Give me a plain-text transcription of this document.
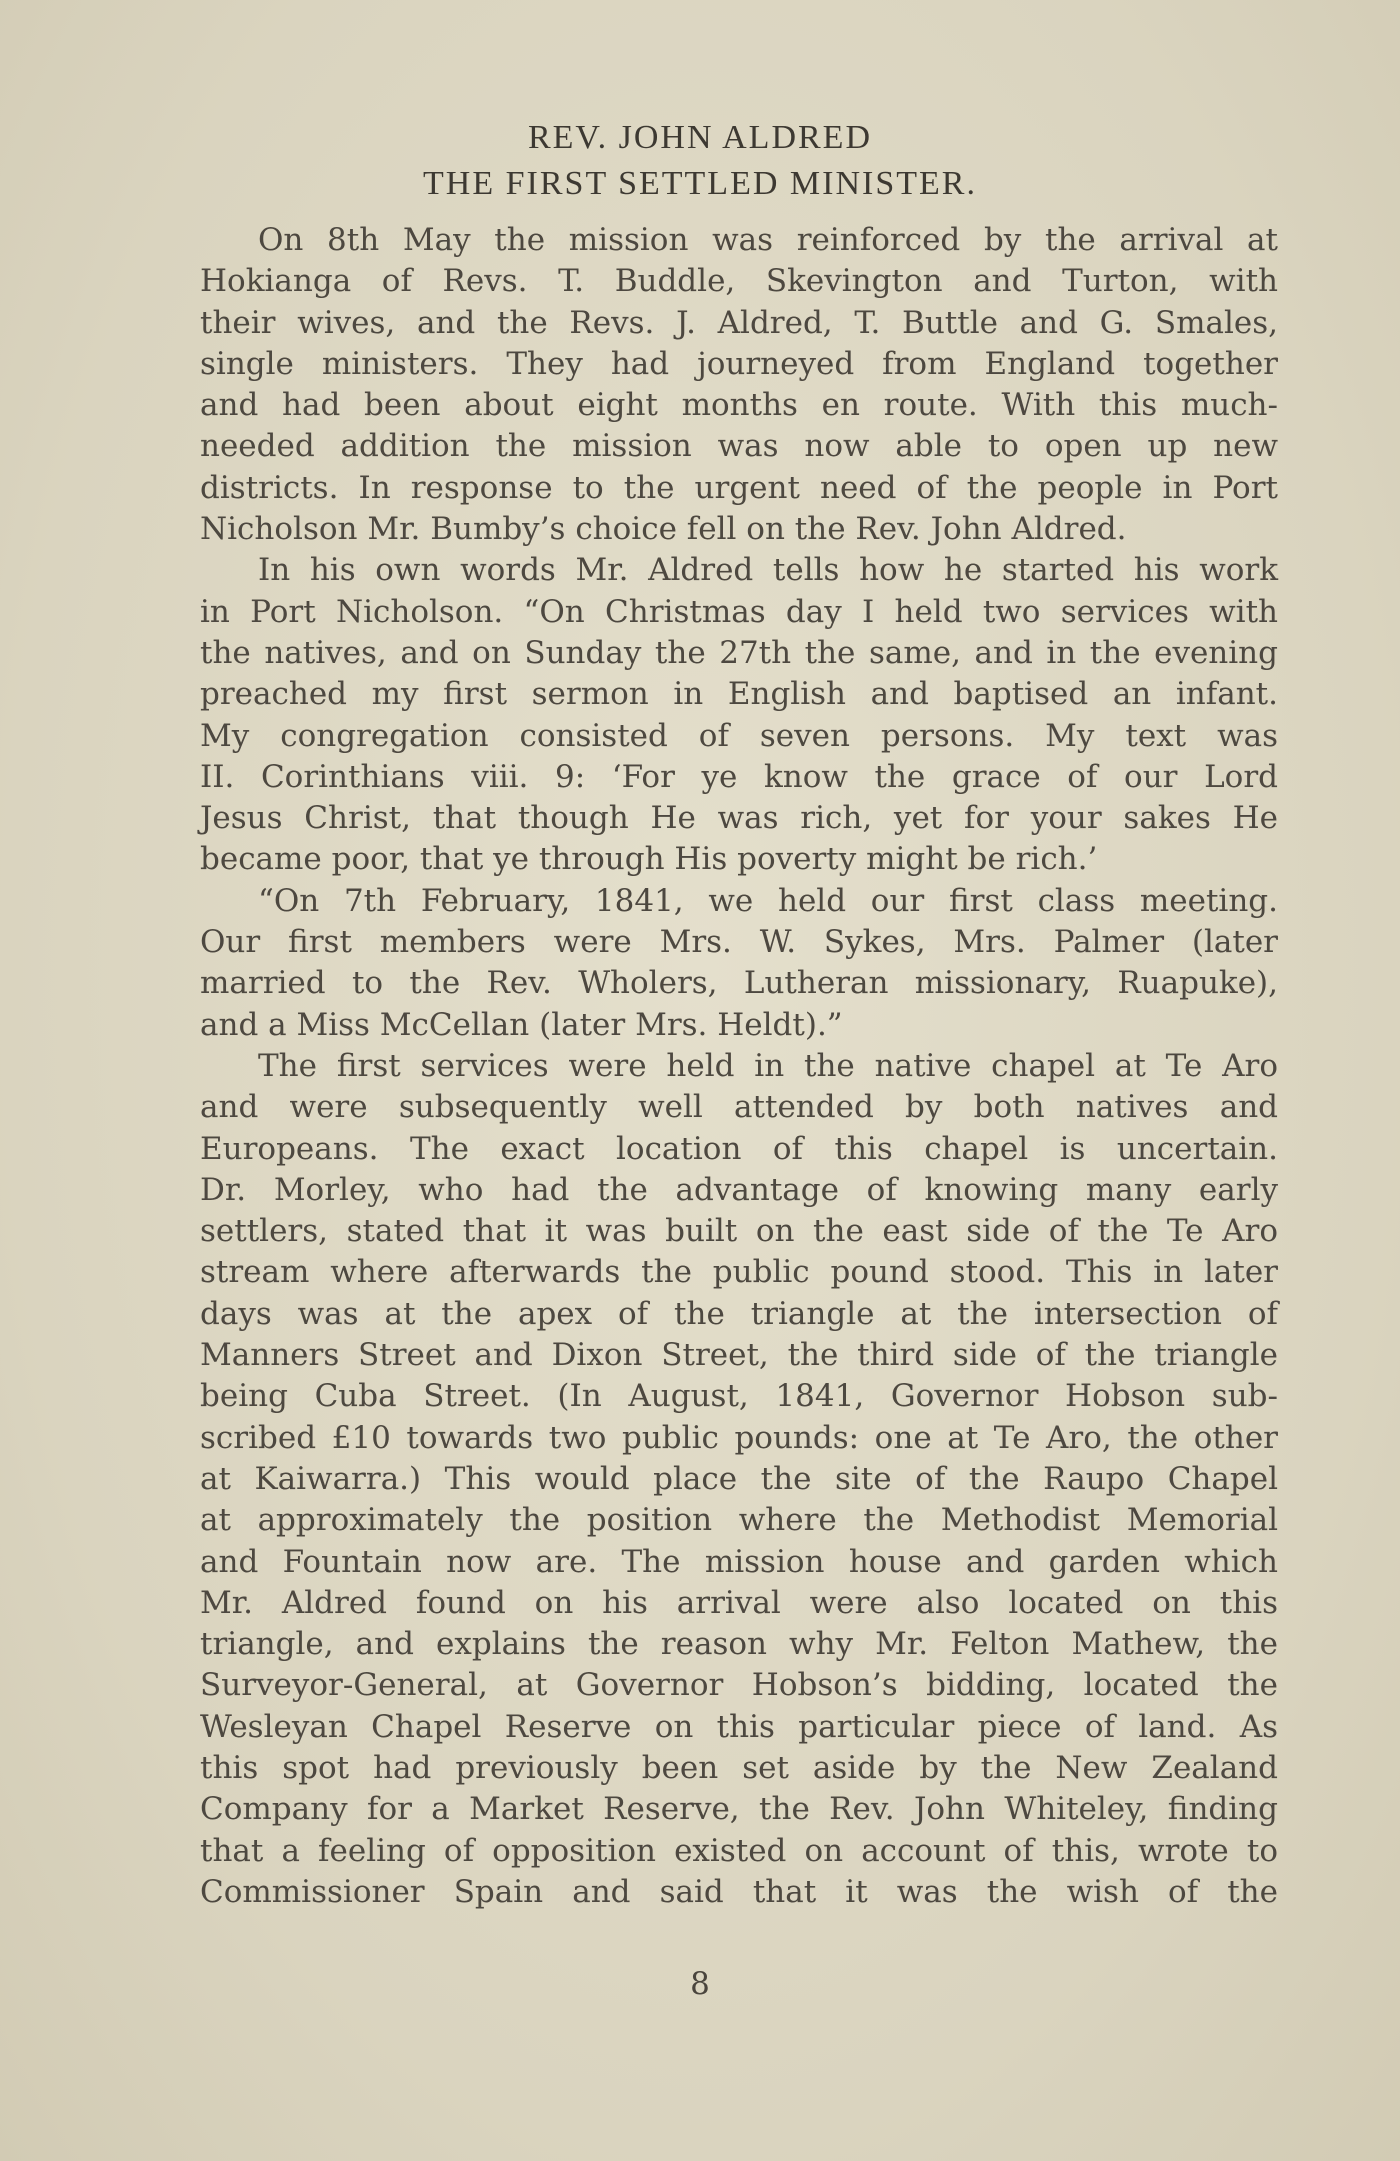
REV. JOHN ALDRED
THE FIRST SETTLED MINISTER.
On 8th May the mission was reinforced by the arrival at
Hokianga of Revs. T. Buddle, Skevington and Turton, with
their wives, and the Revs. J. Aldred, T. Buttle and G. Smales,
single ministers. They had journeyed from England together
and had been about eight months en route. With this much-
needed addition the mission was now able to open up new
districts. In response to the urgent need of the people in Port
Nicholson Mr. Bumby’s choice fell on the Rev. John Aldred.
In his own words Mr. Aldred tells how he started his work
in Port Nicholson. “On Christmas day I held two services with
the natives, and on Sunday the 27th the same, and in the evening
preached my first sermon in English and baptised an infant.
My congregation consisted of seven persons. My text was
II. Corinthians viii. 9: ‘For ye know the grace of our Lord
Jesus Christ, that though He was rich, yet for your sakes He
became poor, that ye through His poverty might be rich.’
“On 7th February, 1841, we held our first class meeting.
Our first members were Mrs. W. Sykes, Mrs. Palmer (later
married to the Rev. Wholers, Lutheran missionary, Ruapuke),
and a Miss McCellan (later Mrs. Heldt).”
The first services were held in the native chapel at Te Aro
and were subsequently well attended by both natives and
Europeans. The exact location of this chapel is uncertain.
Dr. Morley, who had the advantage of knowing many early
settlers, stated that it was built on the east side of the Te Aro
stream where afterwards the public pound stood. This in later
days was at the apex of the triangle at the intersection of
Manners Street and Dixon Street, the third side of the triangle
being Cuba Street. (In August, 1841, Governor Hobson sub-
scribed £10 towards two public pounds: one at Te Aro, the other
at Kaiwarra.) This would place the site of the Raupo Chapel
at approximately the position where the Methodist Memorial
and Fountain now are. The mission house and garden which
Mr. Aldred found on his arrival were also located on this
triangle, and explains the reason why Mr. Felton Mathew, the
Surveyor-General, at Governor Hobson’s bidding, located the
Wesleyan Chapel Reserve on this particular piece of land. As
this spot had previously been set aside by the New Zealand
Company for a Market Reserve, the Rev. John Whiteley, finding
that a feeling of opposition existed on account of this, wrote to
Commissioner Spain and said that it was the wish of the
8
